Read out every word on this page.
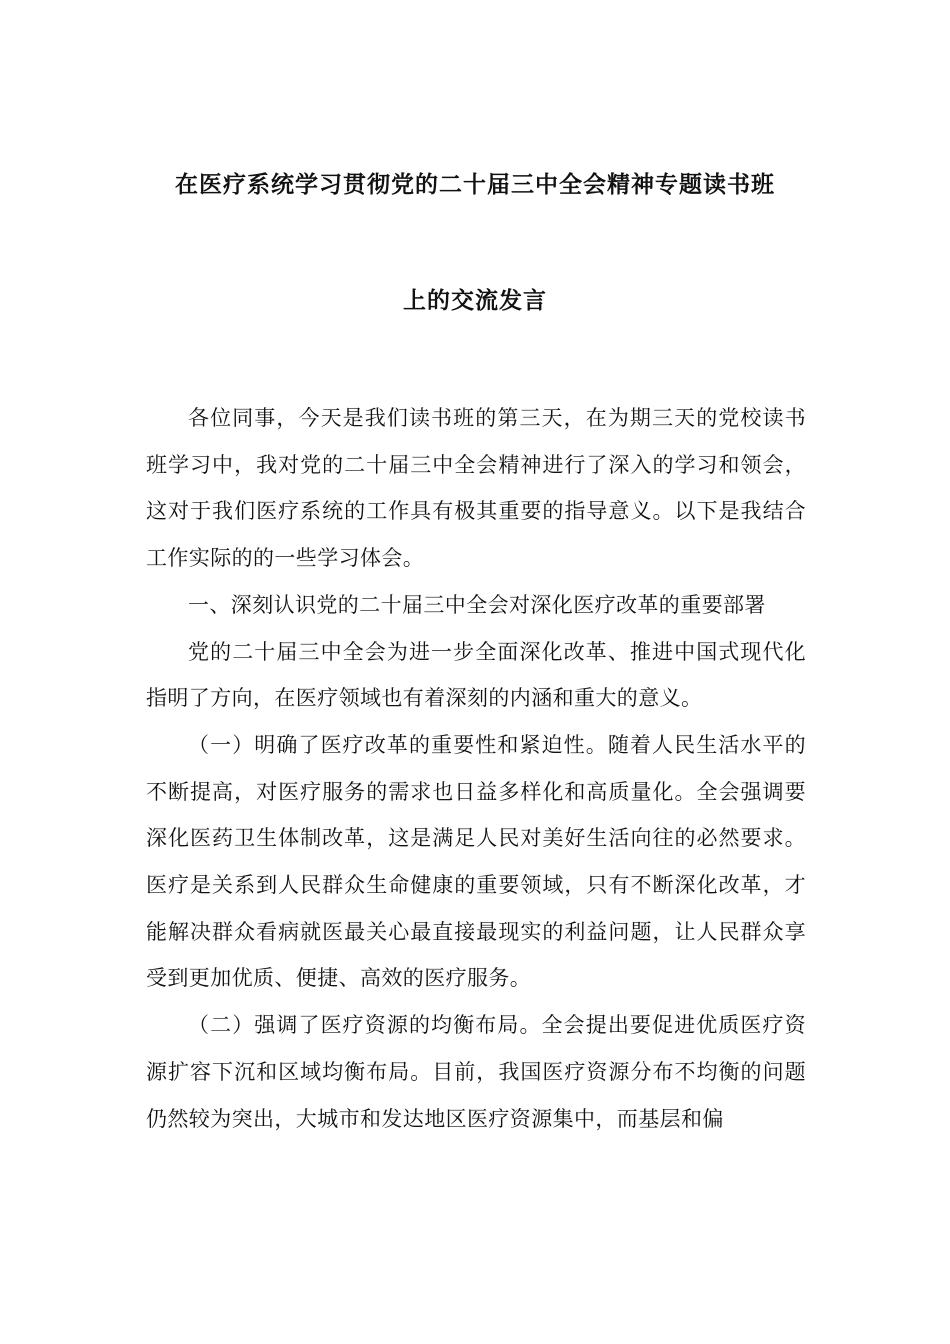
在医疗系统学习贯彻党的二十届三中全会精神专题读书班
上的交流发言

各位同事，今天是我们读书班的第三天，在为期三天的党校读书班学习中，我对党的二十届三中全会精神进行了深入的学习和领会，这对于我们医疗系统的工作具有极其重要的指导意义。以下是我结合工作实际的的一些学习体会。

一、深刻认识党的二十届三中全会对深化医疗改革的重要部署

党的二十届三中全会为进一步全面深化改革、推进中国式现代化指明了方向，在医疗领域也有着深刻的内涵和重大的意义。

（一）明确了医疗改革的重要性和紧迫性。随着人民生活水平的不断提高，对医疗服务的需求也日益多样化和高质量化。全会强调要深化医药卫生体制改革，这是满足人民对美好生活向往的必然要求。医疗是关系到人民群众生命健康的重要领域，只有不断深化改革，才能解决群众看病就医最关心最直接最现实的利益问题，让人民群众享受到更加优质、便捷、高效的医疗服务。

（二）强调了医疗资源的均衡布局。全会提出要促进优质医疗资源扩容下沉和区域均衡布局。目前，我国医疗资源分布不均衡的问题仍然较为突出，大城市和发达地区医疗资源集中，而基层和偏
